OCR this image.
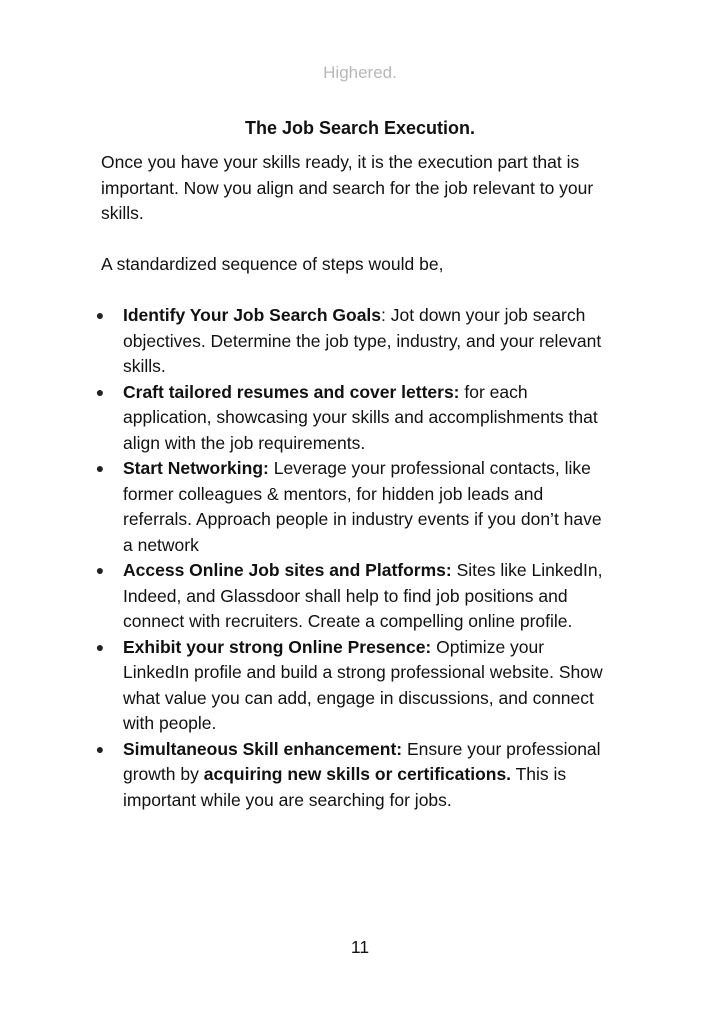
Highered.
The Job Search Execution.

Once you have your skills ready, it is the execution part that is important. Now you align and search for the job relevant to your skills.

A standardized sequence of steps would be,

● Identify Your Job Search Goals: Jot down your job search objectives. Determine the job type, industry, and your relevant skills.
● Craft tailored resumes and cover letters: for each application, showcasing your skills and accomplishments that align with the job requirements.
● Start Networking: Leverage your professional contacts, like former colleagues & mentors, for hidden job leads and referrals. Approach people in industry events if you don’t have a network
● Access Online Job sites and Platforms: Sites like LinkedIn, Indeed, and Glassdoor shall help to find job positions and connect with recruiters. Create a compelling online profile.
● Exhibit your strong Online Presence: Optimize your LinkedIn profile and build a strong professional website. Show what value you can add, engage in discussions, and connect with people.
● Simultaneous Skill enhancement: Ensure your professional growth by acquiring new skills or certifications. This is important while you are searching for jobs.
11
